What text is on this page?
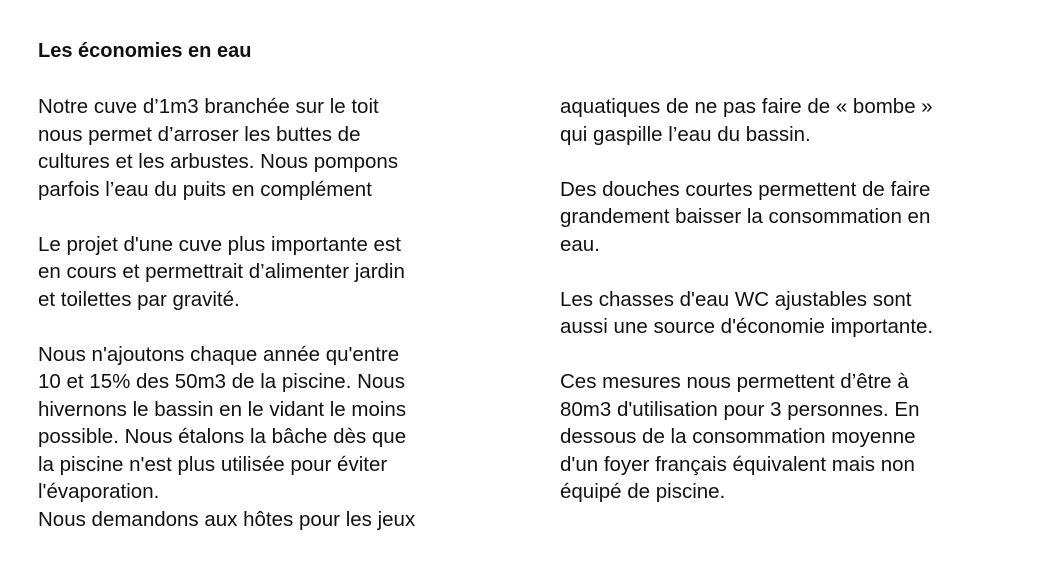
Les économies en eau
Notre cuve d’1m3 branchée sur le toit
nous permet d’arroser les buttes de
cultures et les arbustes. Nous pompons
parfois l’eau du puits en complément
Le projet d'une cuve plus importante est
en cours et permettrait d’alimenter jardin
et toilettes par gravité.
Nous n'ajoutons chaque année qu'entre
10 et 15% des 50m3 de la piscine. Nous
hivernons le bassin en le vidant le moins
possible. Nous étalons la bâche dès que
la piscine n'est plus utilisée pour éviter
l'évaporation.
Nous demandons aux hôtes pour les jeux
aquatiques de ne pas faire de « bombe »
qui gaspille l’eau du bassin.
Des douches courtes permettent de faire
grandement baisser la consommation en
eau.
Les chasses d'eau WC ajustables sont
aussi une source d'économie importante.
Ces mesures nous permettent d’être à
80m3 d'utilisation pour 3 personnes. En
dessous de la consommation moyenne
d'un foyer français équivalent mais non
équipé de piscine.
